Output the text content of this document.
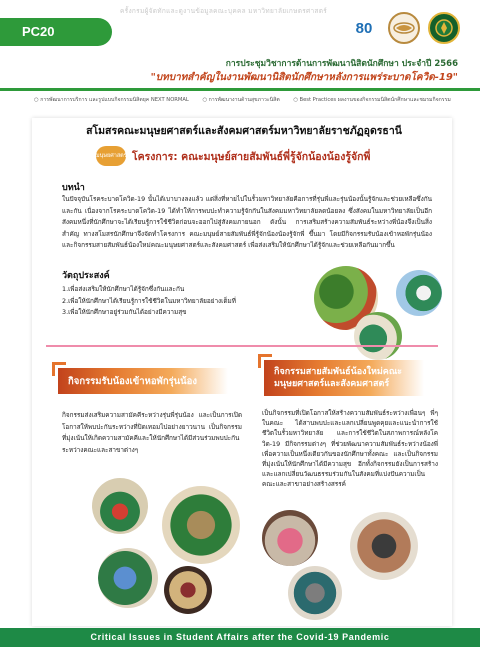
ครั้งกรมผู้จัดทักและดูงานข้อมูลคณะบุคคล มหาวิทยาลัยเกษตรศาสตร์
PC20	80
การประชุมวิชาการด้านการพัฒนานิสิตนักศึกษา ประจำปี 2566
"บทบาทสำคัญในงานพัฒนานิสิตนักศึกษาหลังการแพร่ระบาดโควิด-19"
○ การพัฒนาการบริการ และรูปแบบกิจกรรมนิสิตยุค NEXT NORMAL	○ การพัฒนางานด้านสุขภาวะนิสิต	○ Best Practices ผลงานของกิจกรรมนิสิตนักศึกษาและชมรมกิจกรรม
สโมสรคณะมนุษยศาสตร์และสังคมศาสตร์มหาวิทยาลัยราชภัฏอุดรธานี
มนุษยศาสตร์ โครงการ: คณะมนุษย์สายสัมพันธ์พี่รู้จักน้องน้องรู้จักพี่
บทนำ
ในปัจจุบันโรคระบาดโควิด-19 นั้นได้เบาบางลงแล้ว แต่สิ่งที่หายไปในรั้วมหาวิทยาลัยคือการที่รุ่นพี่และรุ่นน้องนั้นรู้จักและช่วยเหลือซึ่งกันและกัน เนื่องจากโรคระบาดโควิด-19 ได้ทำให้การพบปะทำความรู้จักกันในสังคมมหาวิทยาลัยลดน้อยลง ซึ่งสังคมในมหาวิทยาลัยเป็นอีกสังคมหนึ่งที่นักศึกษาจะได้เรียนรู้การใช้ชีวิตก่อนจะออกไปสู่สังคมภายนอก ดังนั้น การเสริมสร้างความสัมพันธ์ระหว่างพี่น้องจึงเป็นสิ่งสำคัญ ทางสโมสรนักศึกษาจึงจัดทำโครงการ คณะมนุษย์สายสัมพันธ์พี่รู้จักน้องน้องรู้จักพี่ ขึ้นมา โดยมีกิจกรรมรับน้องเข้าหอพักรุ่นน้องและกิจกรรมสายสัมพันธ์น้องใหม่คณะมนุษยศาสตร์และสังคมศาสตร์ เพื่อส่งเสริมให้นักศึกษาได้รู้จักและช่วยเหลือกันมากขึ้น
วัตถุประสงค์
1.เพื่อส่งเสริมให้นักศึกษาได้รู้จักซึ่งกันและกัน
2.เพื่อให้นักศึกษาได้เรียนรู้การใช้ชีวิตในมหาวิทยาลัยอย่างเต็มที่
3.เพื่อให้นักศึกษาอยู่ร่วมกันได้อย่างมีความสุข
กิจกรรมรับน้องเข้าหอพักรุ่นน้อง
กิจกรรมส่งเสริมความสามัคคีระหว่างรุ่นพี่รุ่นน้อง และเป็นการเปิดโอกาสให้พบปะกันระหว่างที่ปิดเทอมไปอย่างยาวนาน เป็นกิจกรรมที่มุ่งเน้นให้เกิดความสามัคคีและให้นักศึกษาได้มีส่วนร่วมพบปะกันระหว่างคณะและสาขาต่างๆ
กิจกรรมสายสัมพันธ์น้องใหม่คณะ
มนุษยศาสตร์และสังคมศาสตร์
เป็นกิจกรรมที่เปิดโอกาสให้สร้างความสัมพันธ์ระหว่างเพื่อนๆ พี่ๆ ในคณะ ได้สานพบปะและแลกเปลี่ยนพูดคุยและแนะนำการใช้ชีวิตในรั้วมหาวิทยาลัย และการใช้ชีวิตในสภาพการณ์หลังโควิด-19 มีกิจกรรมต่างๆ ที่ช่วยพัฒนาความสัมพันธ์ระหว่างน้องพี่ เพื่อความเป็นหนึ่งเดียวกันของนักศึกษาทั้งคณะ และเป็นกิจกรรมที่มุ่งเน้นให้นักศึกษาได้มีความสุข อีกทั้งกิจกรรมยังเป็นการสร้างและแลกเปลี่ยนวัฒนธรรมร่วมกันในสังคมที่แบ่งปันความเป็นคณะและสาขาอย่างสร้างสรรค์
Critical Issues in Student Affairs after the Covid-19 Pandemic
